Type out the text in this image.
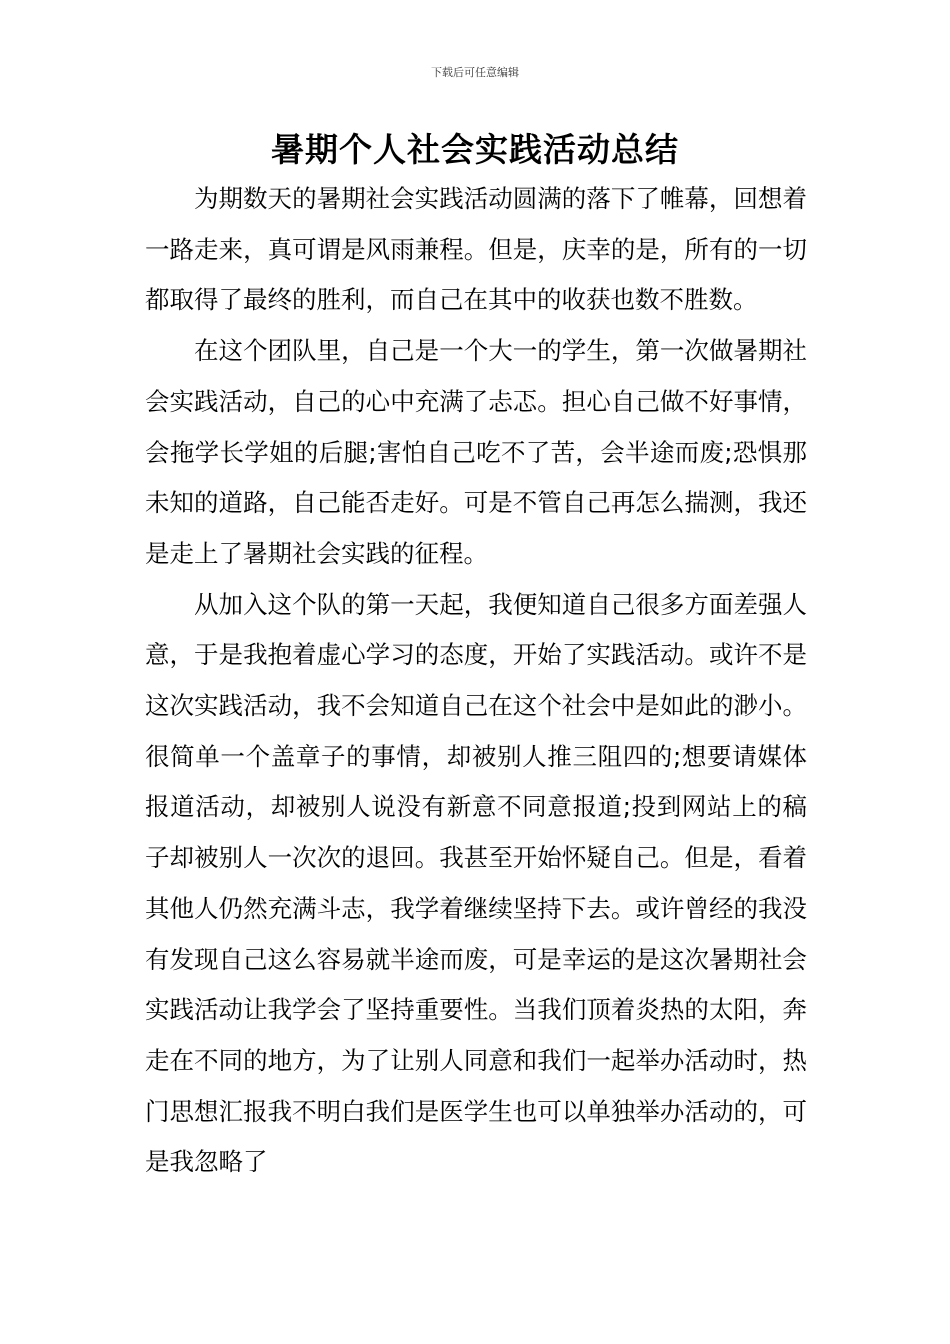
下载后可任意编辑
暑期个人社会实践活动总结

为期数天的暑期社会实践活动圆满的落下了帷幕，回想着一路走来，真可谓是风雨兼程。但是，庆幸的是，所有的一切都取得了最终的胜利，而自己在其中的收获也数不胜数。

在这个团队里，自己是一个大一的学生，第一次做暑期社会实践活动，自己的心中充满了忐忑。担心自己做不好事情，会拖学长学姐的后腿;害怕自己吃不了苦，会半途而废;恐惧那未知的道路，自己能否走好。可是不管自己再怎么揣测，我还是走上了暑期社会实践的征程。

从加入这个队的第一天起，我便知道自己很多方面差强人意，于是我抱着虚心学习的态度，开始了实践活动。或许不是这次实践活动，我不会知道自己在这个社会中是如此的渺小。很简单一个盖章子的事情，却被别人推三阻四的;想要请媒体报道活动，却被别人说没有新意不同意报道;投到网站上的稿子却被别人一次次的退回。我甚至开始怀疑自己。但是，看着其他人仍然充满斗志，我学着继续坚持下去。或许曾经的我没有发现自己这么容易就半途而废，可是幸运的是这次暑期社会实践活动让我学会了坚持重要性。当我们顶着炎热的太阳，奔走在不同的地方，为了让别人同意和我们一起举办活动时，热门思想汇报我不明白我们是医学生也可以单独举办活动的，可是我忽略了
